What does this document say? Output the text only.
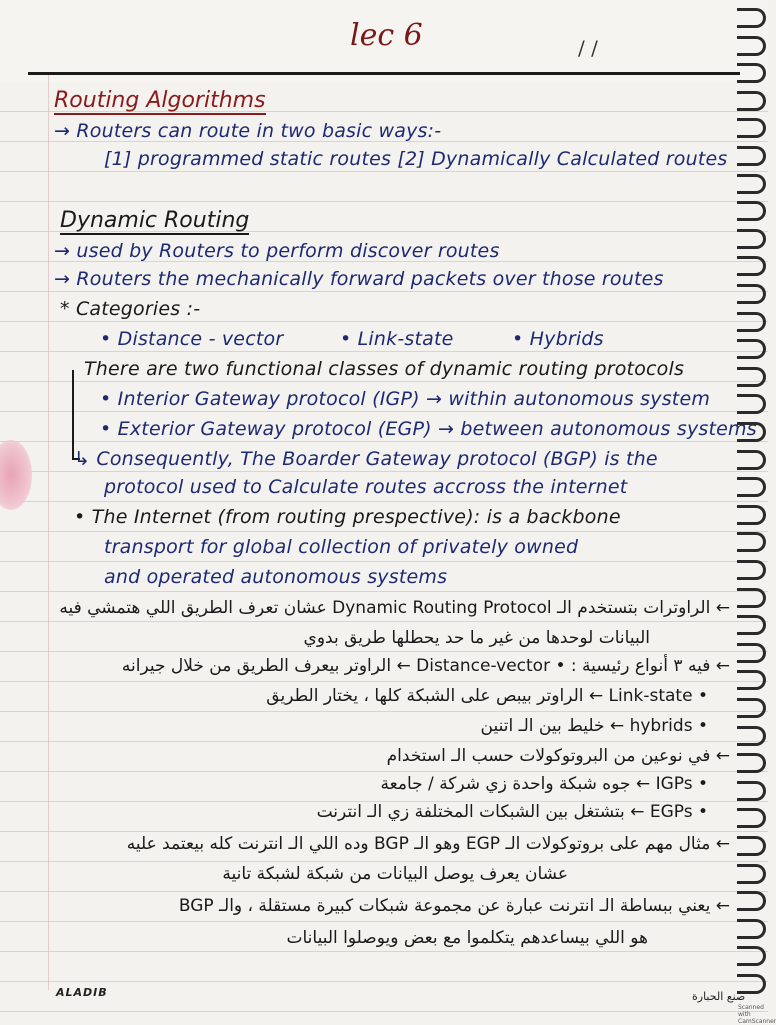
lec 6	/ /
Routing Algorithms
→ Routers can route in two basic ways:-
[1] programmed static routes [2] Dynamically Calculated routes
Dynamic Routing
→ used by Routers to perform discover routes
→ Routers the mechanically forward packets over those routes
* Categories :-
• Distance - vector	• Link-state	• Hybrids
There are two functional classes of dynamic routing protocols
• Interior Gateway protocol (IGP) → within autonomous system
• Exterior Gateway protocol (EGP) → between autonomous systems
↳ Consequently, The Boarder Gateway protocol (BGP) is the
protocol used to Calculate routes accross the internet
• The Internet (from routing prespective): is a backbone
transport for global collection of privately owned
and operated autonomous systems
← الراوترات بتستخدم الـ Dynamic Routing Protocol عشان تعرف الطريق اللي هتمشي فيه
البيانات لوحدها من غير ما حد يحطلها طريق بدوي
← فيه ٣ أنواع رئيسية : • Distance-vector ← الراوتر بيعرف الطريق من خلال جيرانه
• Link-state ← الراوتر بيبص على الشبكة كلها ، يختار الطريق
• hybrids ← خليط بين الـ اتنين
← في نوعين من البروتوكولات حسب الـ استخدام
• IGPs ← جوه شبكة واحدة زي شركة / جامعة
• EGPs ← بتشتغل بين الشبكات المختلفة زي الـ انترنت
← مثال مهم على بروتوكولات الـ EGP وهو الـ BGP وده اللي الـ انترنت كله بيعتمد عليه
عشان يعرف يوصل البيانات من شبكة لشبكة تانية
← يعني ببساطة الـ انترنت عبارة عن مجموعة شبكات كبيرة مستقلة ، والـ BGP
هو اللي بيساعدهم يتكلموا مع بعض ويوصلوا البيانات
ALADIB	صنع الحبارة
Scanned with CamScanner
